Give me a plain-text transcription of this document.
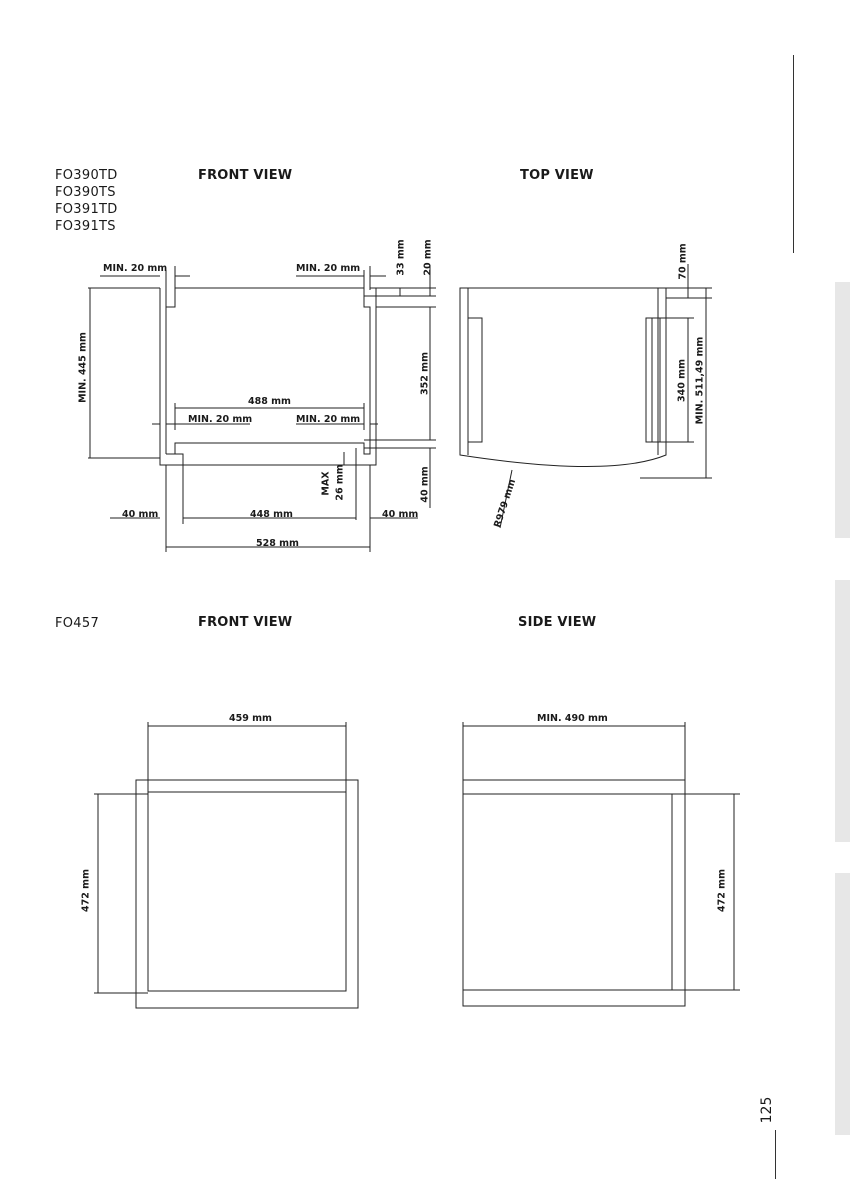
FO390TD
FO390TS
FO391TD
FO391TS
FRONT VIEW	TOP VIEW
MIN. 20 mm	MIN. 20 mm	33 mm 20 mm
MIN. 445 mm	352 mm
488 mm
MIN. 20 mm	MIN. 20 mm
MAX 26 mm	40 mm
40 mm	448 mm	40 mm
528 mm
70 mm
340 mm MIN. 511,49 mm
R979 mm
FO457	FRONT VIEW	SIDE VIEW
459 mm
472 mm
MIN. 490 mm
472 mm
125
